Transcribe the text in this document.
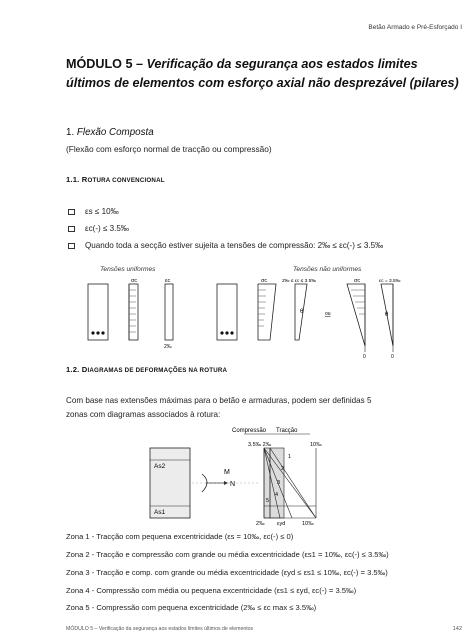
Betão Armado e Pré-Esforçado I
MÓDULO 5 – Verificação da segurança aos estados limites
últimos de elementos com esforço axial não desprezável (pilares)
1. Flexão Composta
(Flexão com esforço normal de tracção ou compressão)
1.1. ROTURA CONVENCIONAL
εs ≤ 10‰
εc(-) ≤ 3.5‰
Quando toda a secção estiver sujeita a tensões de compressão: 2‰ ≤ εc(-) ≤ 3.5‰
Tensões uniformes	Tensões não uniformes
σc	εc
2‰
σc	2‰ ≤ εc ≤ 3.5‰
θ	ou
σc
0
εc = 3.5‰
θ
0
1.2. DIAGRAMAS DE DEFORMAÇÕES NA ROTURA
Com base nas extensões máximas para o betão e armaduras, podem ser definidas 5
zonas com diagramas associados à rotura:
Compressão Tracção
3.5‰ 2‰	10‰
As2
As1
M
N
1
2
3
4
5
2‰ εyd	10‰
Zona 1 - Tracção com pequena excentricidade (εs = 10‰, εc(-) ≤ 0)
Zona 2 - Tracção e compressão com grande ou média excentricidade (εs1 = 10‰, εc(-) ≤ 3.5‰)
Zona 3 - Tracção e comp. com grande ou média excentricidade (εyd ≤ εs1 ≤ 10‰, εc(-) = 3.5‰)
Zona 4 - Compressão com média ou pequena excentricidade (εs1 ≤ εyd, εc(-) = 3.5‰)
Zona 5 - Compressão com pequena excentricidade (2‰ ≤ εc max ≤ 3.5‰)
MÓDULO 5 – Verificação da segurança aos estados limites últimos de elementos	142
